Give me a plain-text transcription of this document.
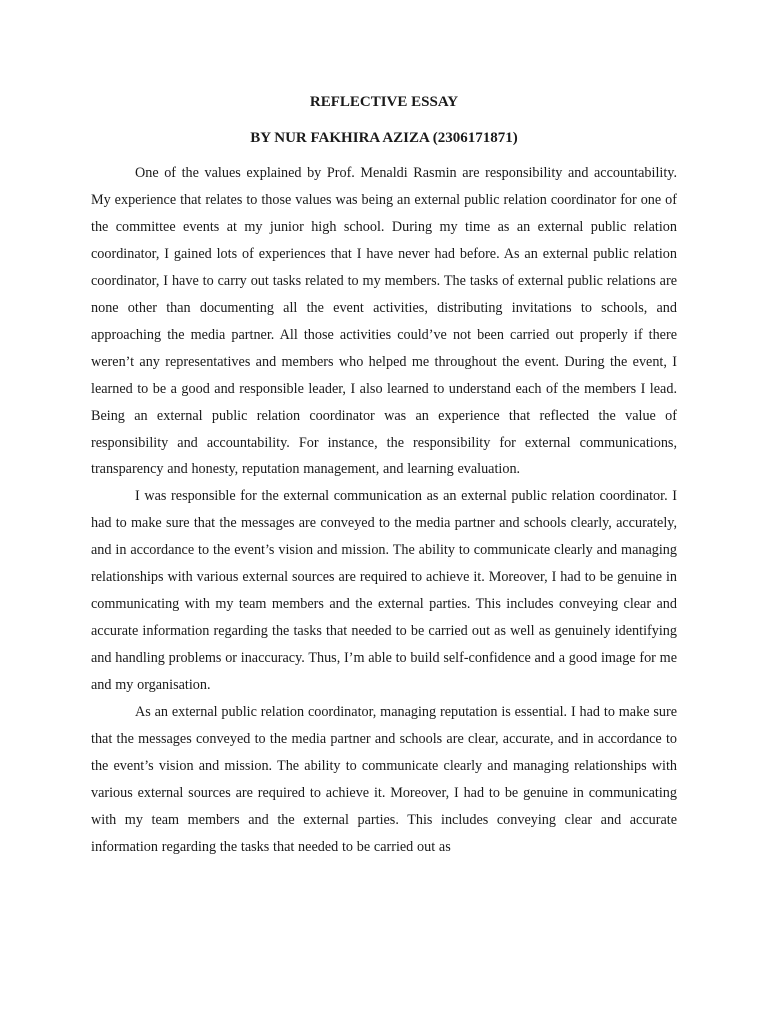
REFLECTIVE ESSAY
BY NUR FAKHIRA AZIZA (2306171871)

One of the values explained by Prof. Menaldi Rasmin are responsibility and accountability. My experience that relates to those values was being an external public relation coordinator for one of the committee events at my junior high school. During my time as an external public relation coordinator, I gained lots of experiences that I have never had before. As an external public relation coordinator, I have to carry out tasks related to my members. The tasks of external public relations are none other than documenting all the event activities, distributing invitations to schools, and approaching the media partner. All those activities could’ve not been carried out properly if there weren’t any representatives and members who helped me throughout the event. During the event, I learned to be a good and responsible leader, I also learned to understand each of the members I lead. Being an external public relation coordinator was an experience that reflected the value of responsibility and accountability. For instance, the responsibility for external communications, transparency and honesty, reputation management, and learning evaluation.

I was responsible for the external communication as an external public relation coordinator. I had to make sure that the messages are conveyed to the media partner and schools clearly, accurately, and in accordance to the event’s vision and mission. The ability to communicate clearly and managing relationships with various external sources are required to achieve it. Moreover, I had to be genuine in communicating with my team members and the external parties. This includes conveying clear and accurate information regarding the tasks that needed to be carried out as well as genuinely identifying and handling problems or inaccuracy. Thus, I’m able to build self-confidence and a good image for me and my organisation.

As an external public relation coordinator, managing reputation is essential. I had to make sure that the messages conveyed to the media partner and schools are clear, accurate, and in accordance to the event’s vision and mission. The ability to communicate clearly and managing relationships with various external sources are required to achieve it. Moreover, I had to be genuine in communicating with my team members and the external parties. This includes conveying clear and accurate information regarding the tasks that needed to be carried out as
